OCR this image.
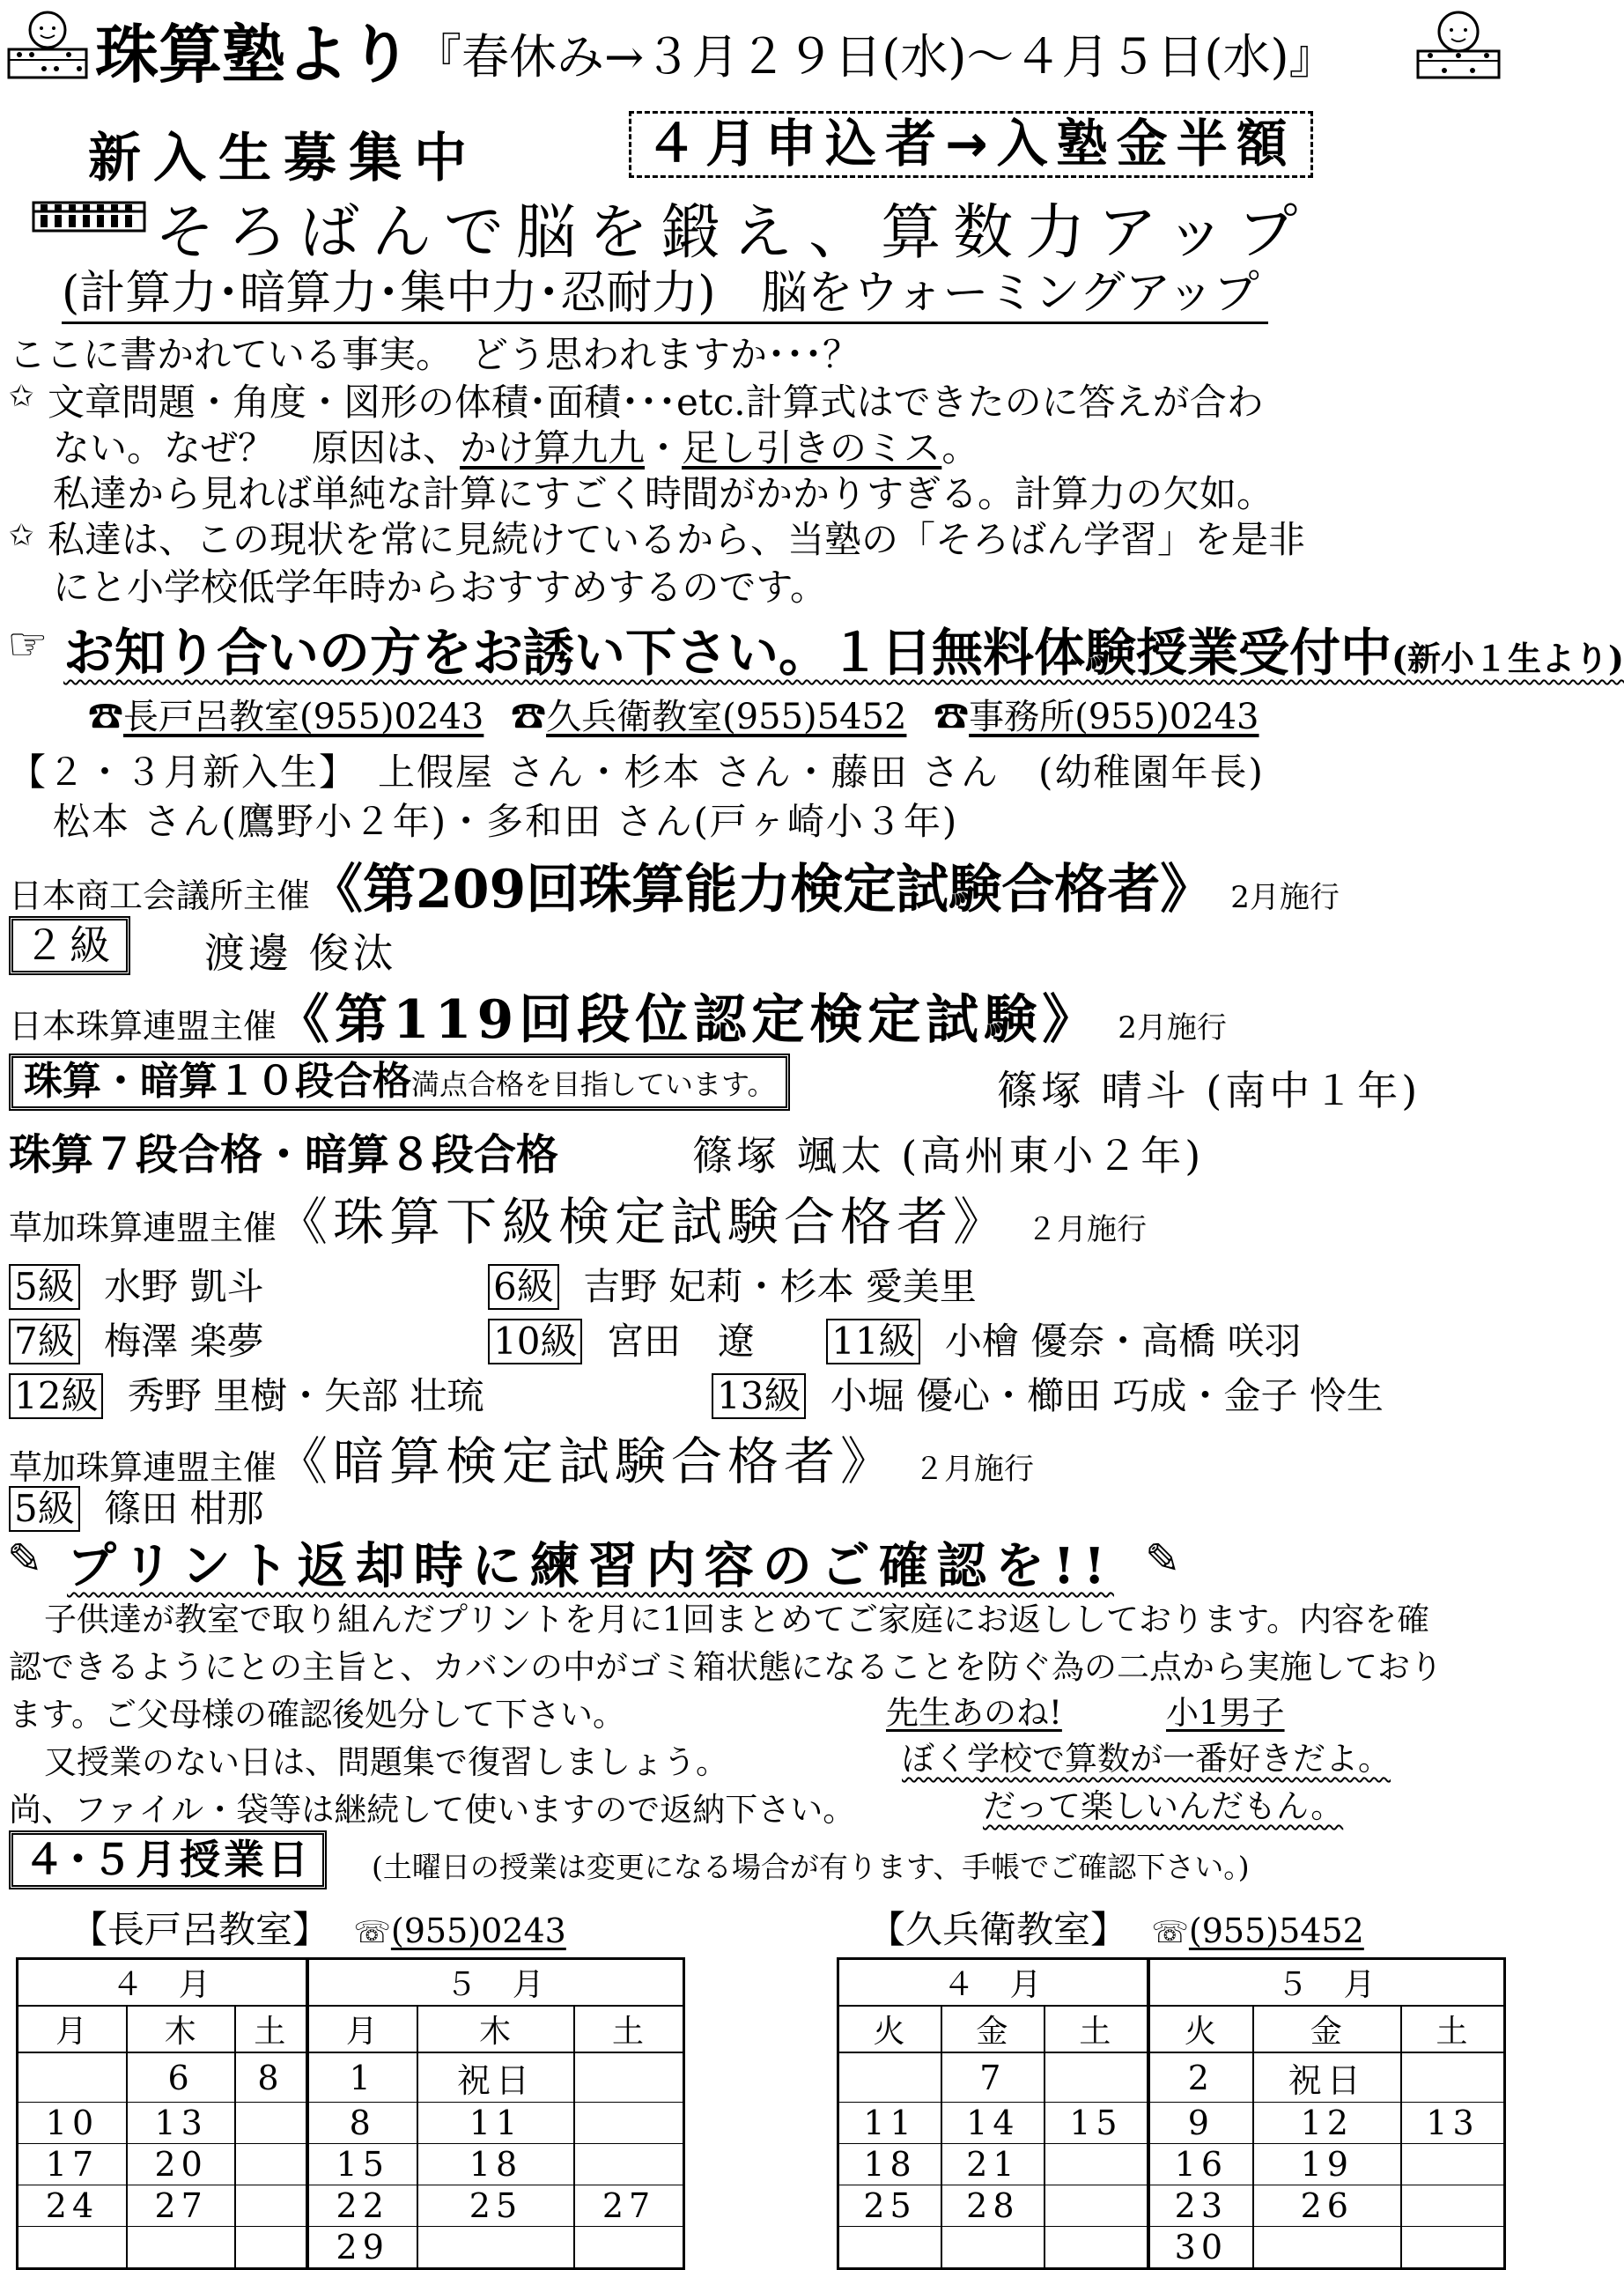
珠算塾より 『春休み→３月２９日(水)～４月５日(水)』
新入生募集中	４月申込者→入塾金半額
そろばんで脳を鍛え、算数力アップ
(計算力･暗算力･集中力･忍耐力)　脳をウォーミングアップ
ここに書かれている事実。　どう思われますか･･･？
✩ 文章問題・角度・図形の体積･面積･･･etc.計算式はできたのに答えが合わ
ない。なぜ？　原因は、かけ算九九・足し引きのミス。
私達から見れば単純な計算にすごく時間がかかりすぎる。計算力の欠如。
✩ 私達は、この現状を常に見続けているから、当塾の「そろばん学習」を是非
にと小学校低学年時からおすすめするのです。
☞ お知り合いの方をお誘い下さい。１日無料体験授業受付中(新小１生より)
☎長戸呂教室(955)0243 ☎久兵衛教室(955)5452 ☎事務所(955)0243
【２・３月新入生】　上假屋 さん・杉本 さん・藤田 さん　(幼稚園年長)
松本 さん(鷹野小２年)・多和田 さん(戸ヶ崎小３年)
日本商工会議所主催《第209回珠算能力検定試験合格者》 2月施行
２級	渡邊 俊汰
日本珠算連盟主催《第119回段位認定検定試験》 2月施行
珠算・暗算１０段合格満点合格を目指しています。	篠塚 晴斗 (南中１年)
珠算７段合格・暗算８段合格	篠塚 颯太 (高州東小２年)
草加珠算連盟主催《珠算下級検定試験合格者》 ２月施行
5級 水野 凱斗	6級 吉野 妃莉・杉本 愛美里
7級 梅澤 楽夢	10級 宮田　遼 11級 小檜 優奈・高橋 咲羽
12級 秀野 里樹・矢部 壮琉	13級 小堀 優心・櫛田 巧成・金子 怜生
草加珠算連盟主催《暗算検定試験合格者》 ２月施行
5級 篠田 柑那
✎ プリント返却時に練習内容のご確認を!! ✎
子供達が教室で取り組んだプリントを月に1回まとめてご家庭にお返ししております。内容を確
認できるようにとの主旨と、カバンの中がゴミ箱状態になることを防ぐ為の二点から実施しており
ます。ご父母様の確認後処分して下さい。
又授業のない日は、問題集で復習しましょう。
尚、ファイル・袋等は継続して使いますので返納下さい。
先生あのね!	小1男子
ぼく学校で算数が一番好きだよ。
だって楽しいんだもん。
４･５月授業日	(土曜日の授業は変更になる場合が有ります、手帳でご確認下さい。)
【長戸呂教室】 ☏(955)0243	【久兵衛教室】 ☏(955)5452
４　月			５　月		
月	木	土	月	木	土
	6	8	1	祝日	
10	13		8	11	
17	20		15	18	
24	27		22	25	27
			29		
４　月			５　月		
火	金	土	火	金	土
	7		2	祝日	
11	14	15	9	12	13
18	21		16	19	
25	28		23	26	
			30		
